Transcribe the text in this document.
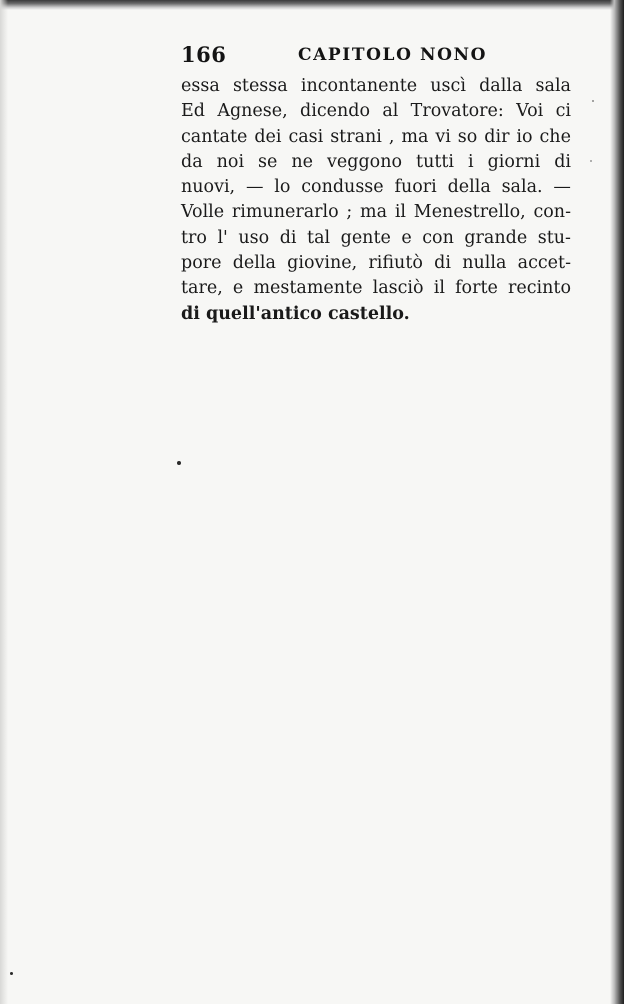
166	CAPITOLO NONO
essa stessa incontanente uscì dalla sala
Ed Agnese, dicendo al Trovatore: Voi ci
cantate dei casi strani , ma vi so dir io che
da noi se ne veggono tutti i giorni di
nuovi, — lo condusse fuori della sala. —
Volle rimunerarlo ; ma il Menestrello, con-
tro l' uso di tal gente e con grande stu-
pore della giovine, rifiutò di nulla accet-
tare, e mestamente lasciò il forte recinto
di quell'antico castello.
